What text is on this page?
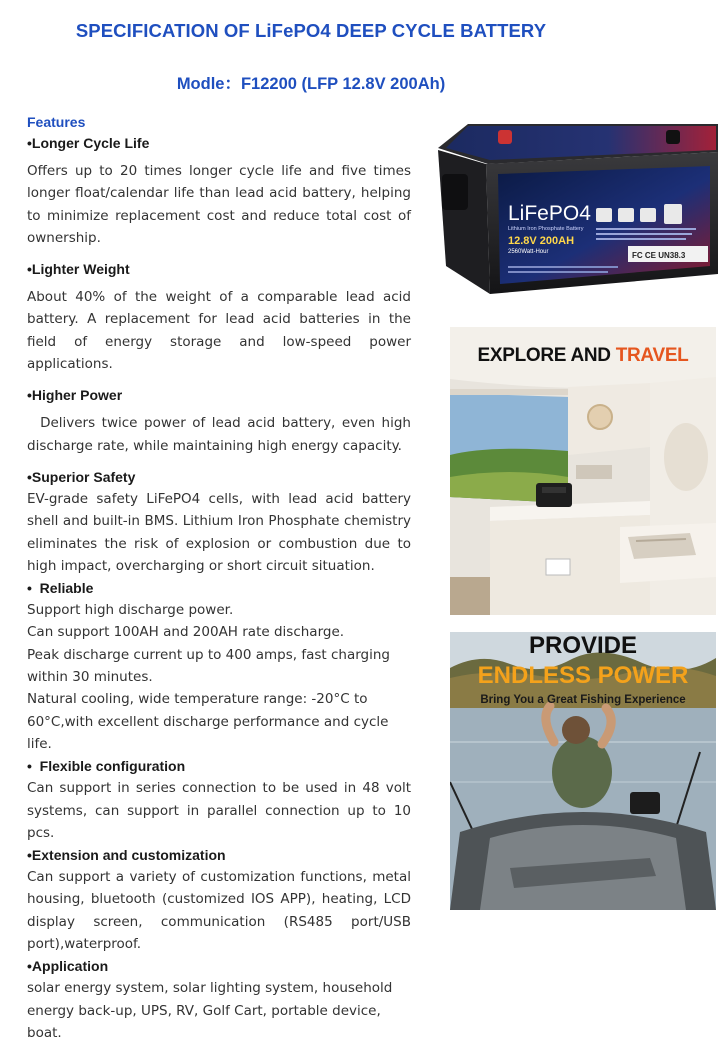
SPECIFICATION OF LiFePO4 DEEP CYCLE BATTERY
Modle：F12200 (LFP 12.8V 200Ah)
Features
•Longer Cycle Life

Offers up to 20 times longer cycle life and five times longer float/calendar life than lead acid battery, helping to minimize replacement cost and reduce total cost of ownership.

•Lighter Weight

About 40% of the weight of a comparable lead acid battery. A replacement for lead acid batteries in the field of energy storage and low-speed power applications.

•Higher Power

Delivers twice power of lead acid battery, even high discharge rate, while maintaining high energy capacity.

•Superior Safety

EV-grade safety LiFePO4 cells, with lead acid battery shell and built-in BMS. Lithium Iron Phosphate chemistry eliminates the risk of explosion or combustion due to high impact, overcharging or short circuit situation.

•  Reliable

Support high discharge power.

Can support 100AH and 200AH rate discharge.

Peak discharge current up to 400 amps, fast charging within 30 minutes.

Natural cooling, wide temperature range: -20°C to 60°C,with excellent discharge performance and cycle life.

•  Flexible configuration

Can support in series connection to be used in 48 volt systems, can support in parallel connection up to 10 pcs.

•Extension and customization

Can support a variety of customization functions, metal housing, bluetooth (customized IOS APP), heating, LCD display screen, communication (RS485 port/USB port),waterproof.

•Application

solar energy system, solar lighting system, household energy back-up, UPS, RV, Golf Cart, portable device, boat.

LiFePO4
Lithium Iron Phosphate Battery
12.8V 200AH
2560Watt-Hour	FC CE UN38.3
EXPLORE AND TRAVEL
PROVIDE
ENDLESS POWER
Bring You a Great Fishing Experience
